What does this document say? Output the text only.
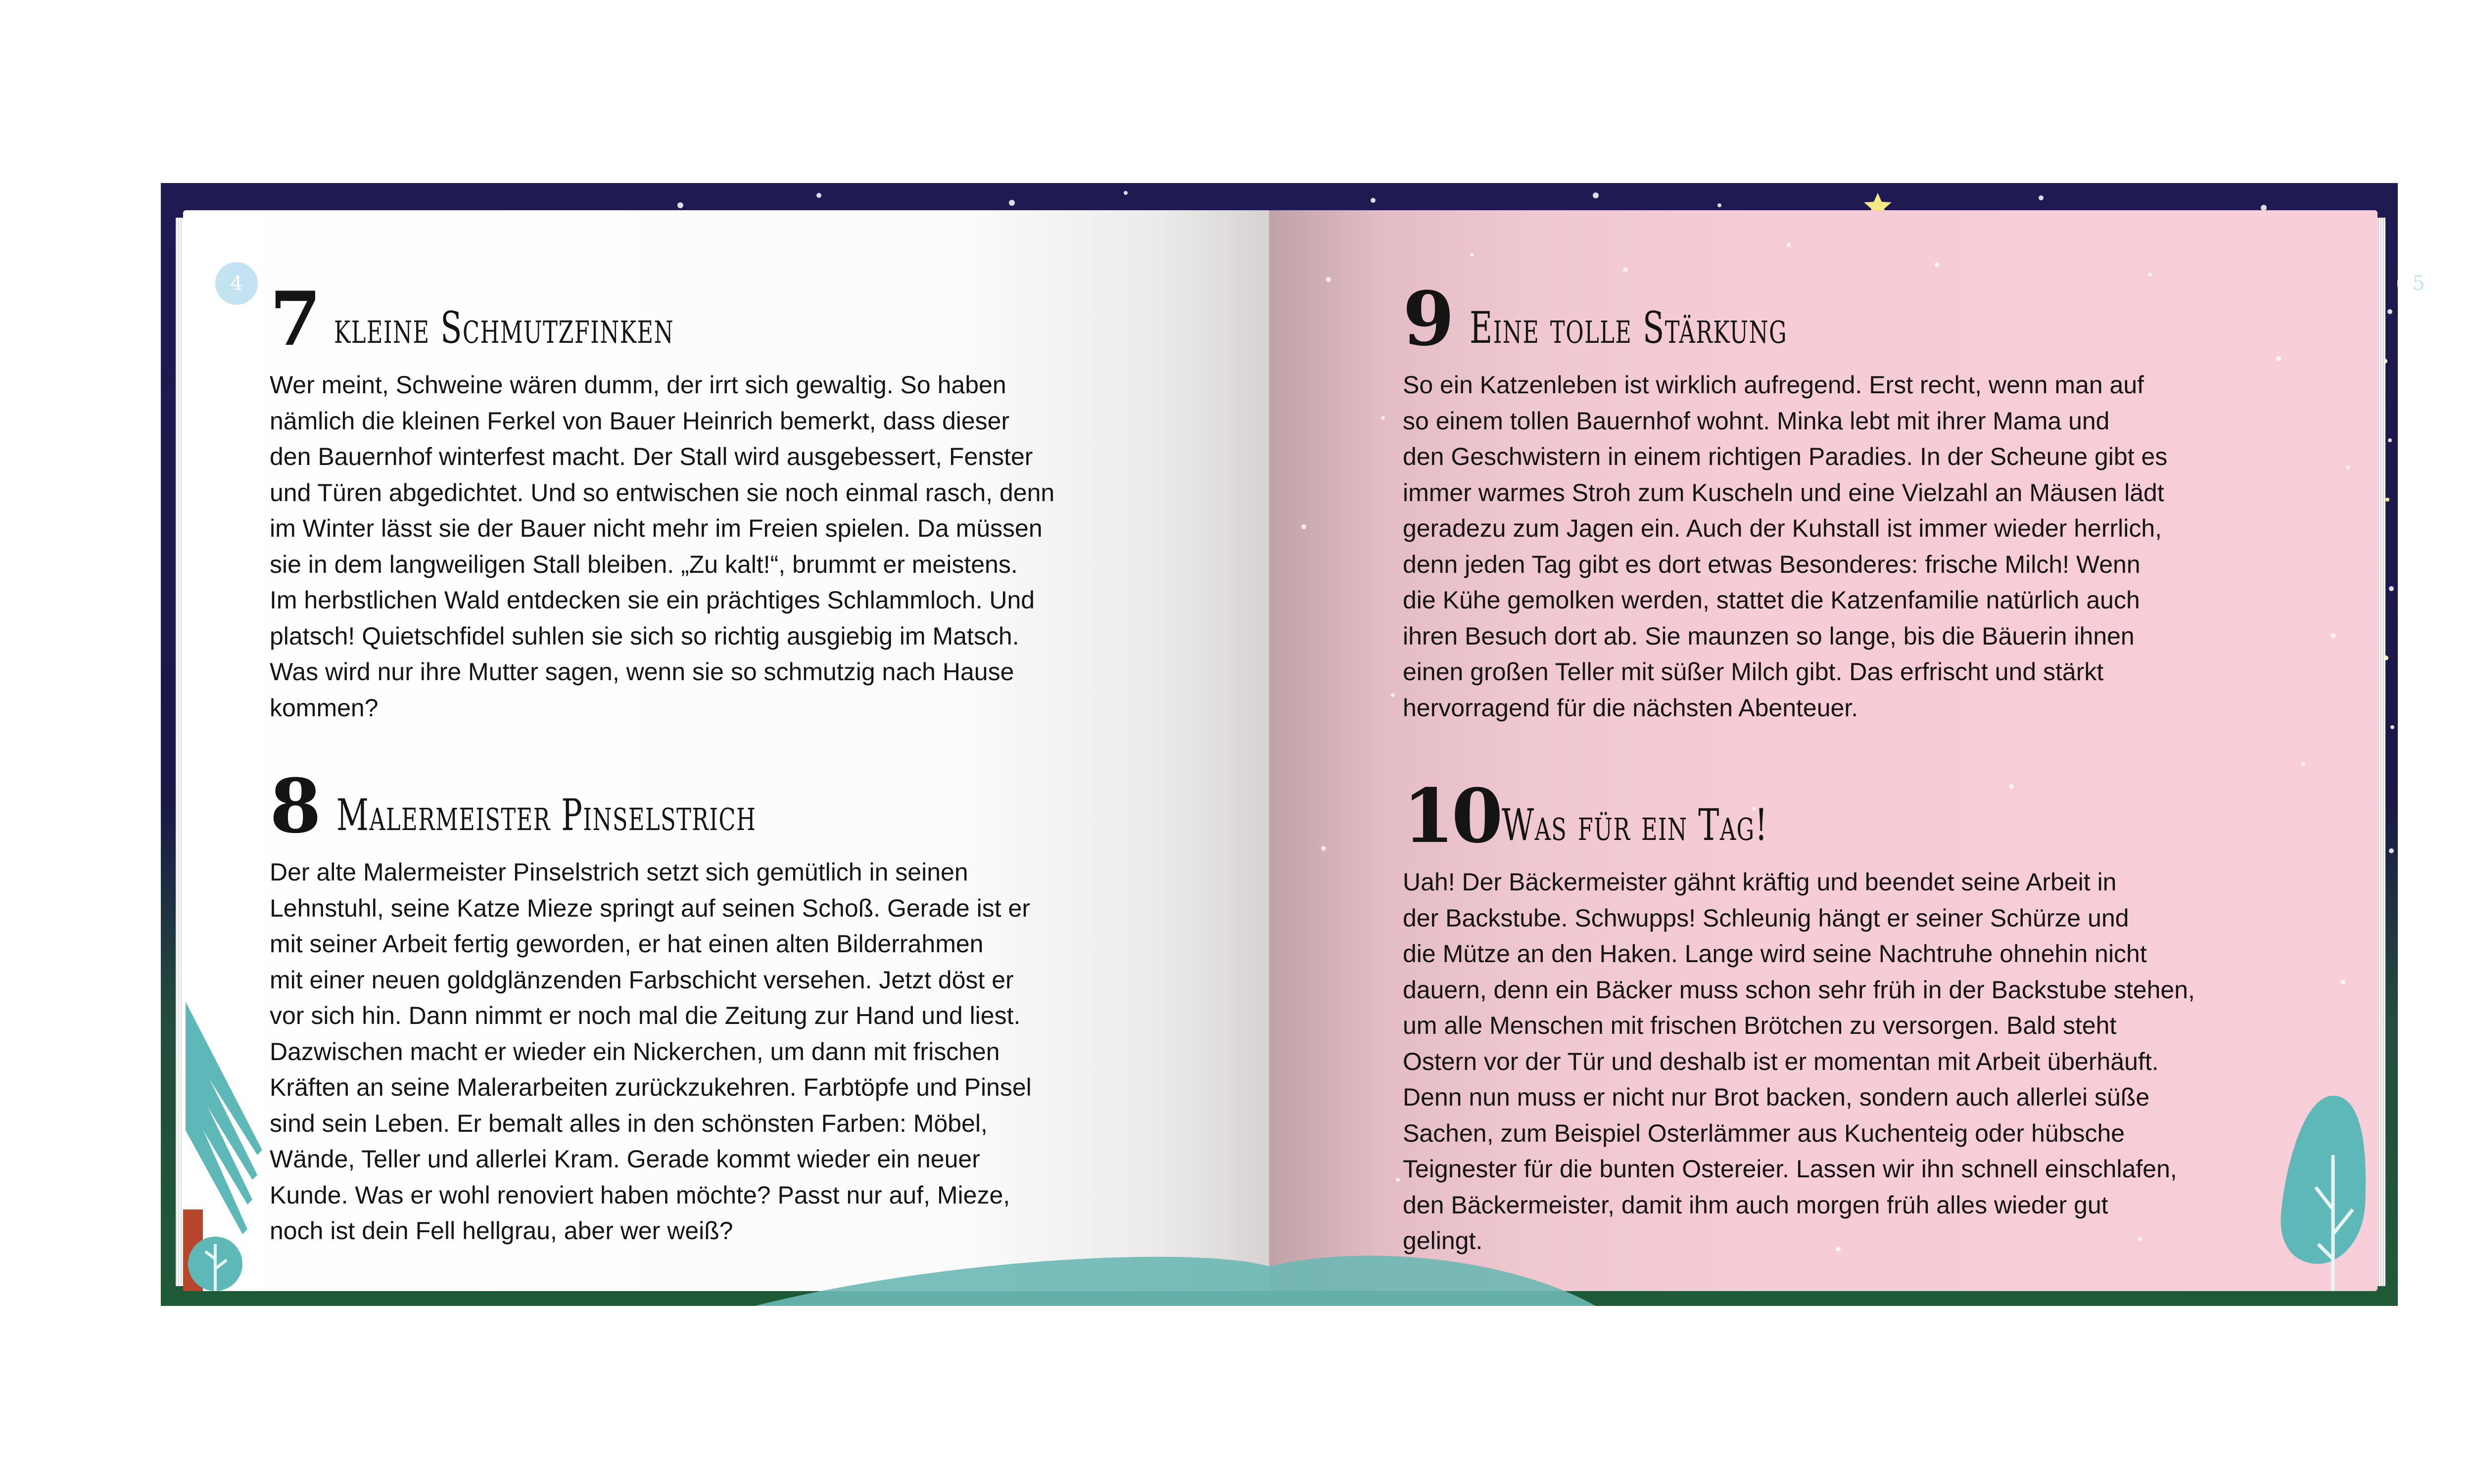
4 7 kleine Schmutzfinken
Wer meint, Schweine wären dumm, der irrt sich gewaltig. So haben
nämlich die kleinen Ferkel von Bauer Heinrich bemerkt, dass dieser
den Bauernhof winterfest macht. Der Stall wird ausgebessert, Fenster
und Türen abgedichtet. Und so entwischen sie noch einmal rasch, denn
im Winter lässt sie der Bauer nicht mehr im Freien spielen. Da müssen
sie in dem langweiligen Stall bleiben. „Zu kalt!“, brummt er meistens.
Im herbstlichen Wald entdecken sie ein prächtiges Schlammloch. Und
platsch! Quietschfidel suhlen sie sich so richtig ausgiebig im Matsch.
Was wird nur ihre Mutter sagen, wenn sie so schmutzig nach Hause
kommen?
8 Malermeister Pinselstrich
Der alte Malermeister Pinselstrich setzt sich gemütlich in seinen
Lehnstuhl, seine Katze Mieze springt auf seinen Schoß. Gerade ist er
mit seiner Arbeit fertig geworden, er hat einen alten Bilderrahmen
mit einer neuen goldglänzenden Farbschicht versehen. Jetzt döst er
vor sich hin. Dann nimmt er noch mal die Zeitung zur Hand und liest.
Dazwischen macht er wieder ein Nickerchen, um dann mit frischen
Kräften an seine Malerarbeiten zurückzukehren. Farbtöpfe und Pinsel
sind sein Leben. Er bemalt alles in den schönsten Farben: Möbel,
Wände, Teller und allerlei Kram. Gerade kommt wieder ein neuer
Kunde. Was er wohl renoviert haben möchte? Passt nur auf, Mieze,
noch ist dein Fell hellgrau, aber wer weiß?
5
9 Eine tolle Stärkung
So ein Katzenleben ist wirklich aufregend. Erst recht, wenn man auf
so einem tollen Bauernhof wohnt. Minka lebt mit ihrer Mama und
den Geschwistern in einem richtigen Paradies. In der Scheune gibt es
immer warmes Stroh zum Kuscheln und eine Vielzahl an Mäusen lädt
geradezu zum Jagen ein. Auch der Kuhstall ist immer wieder herrlich,
denn jeden Tag gibt es dort etwas Besonderes: frische Milch! Wenn
die Kühe gemolken werden, stattet die Katzenfamilie natürlich auch
ihren Besuch dort ab. Sie maunzen so lange, bis die Bäuerin ihnen
einen großen Teller mit süßer Milch gibt. Das erfrischt und stärkt
hervorragend für die nächsten Abenteuer.
10 Was für ein Tag!
Uah! Der Bäckermeister gähnt kräftig und beendet seine Arbeit in
der Backstube. Schwupps! Schleunig hängt er seiner Schürze und
die Mütze an den Haken. Lange wird seine Nachtruhe ohnehin nicht
dauern, denn ein Bäcker muss schon sehr früh in der Backstube stehen,
um alle Menschen mit frischen Brötchen zu versorgen. Bald steht
Ostern vor der Tür und deshalb ist er momentan mit Arbeit überhäuft.
Denn nun muss er nicht nur Brot backen, sondern auch allerlei süße
Sachen, zum Beispiel Osterlämmer aus Kuchenteig oder hübsche
Teignester für die bunten Ostereier. Lassen wir ihn schnell einschlafen,
den Bäckermeister, damit ihm auch morgen früh alles wieder gut
gelingt.
